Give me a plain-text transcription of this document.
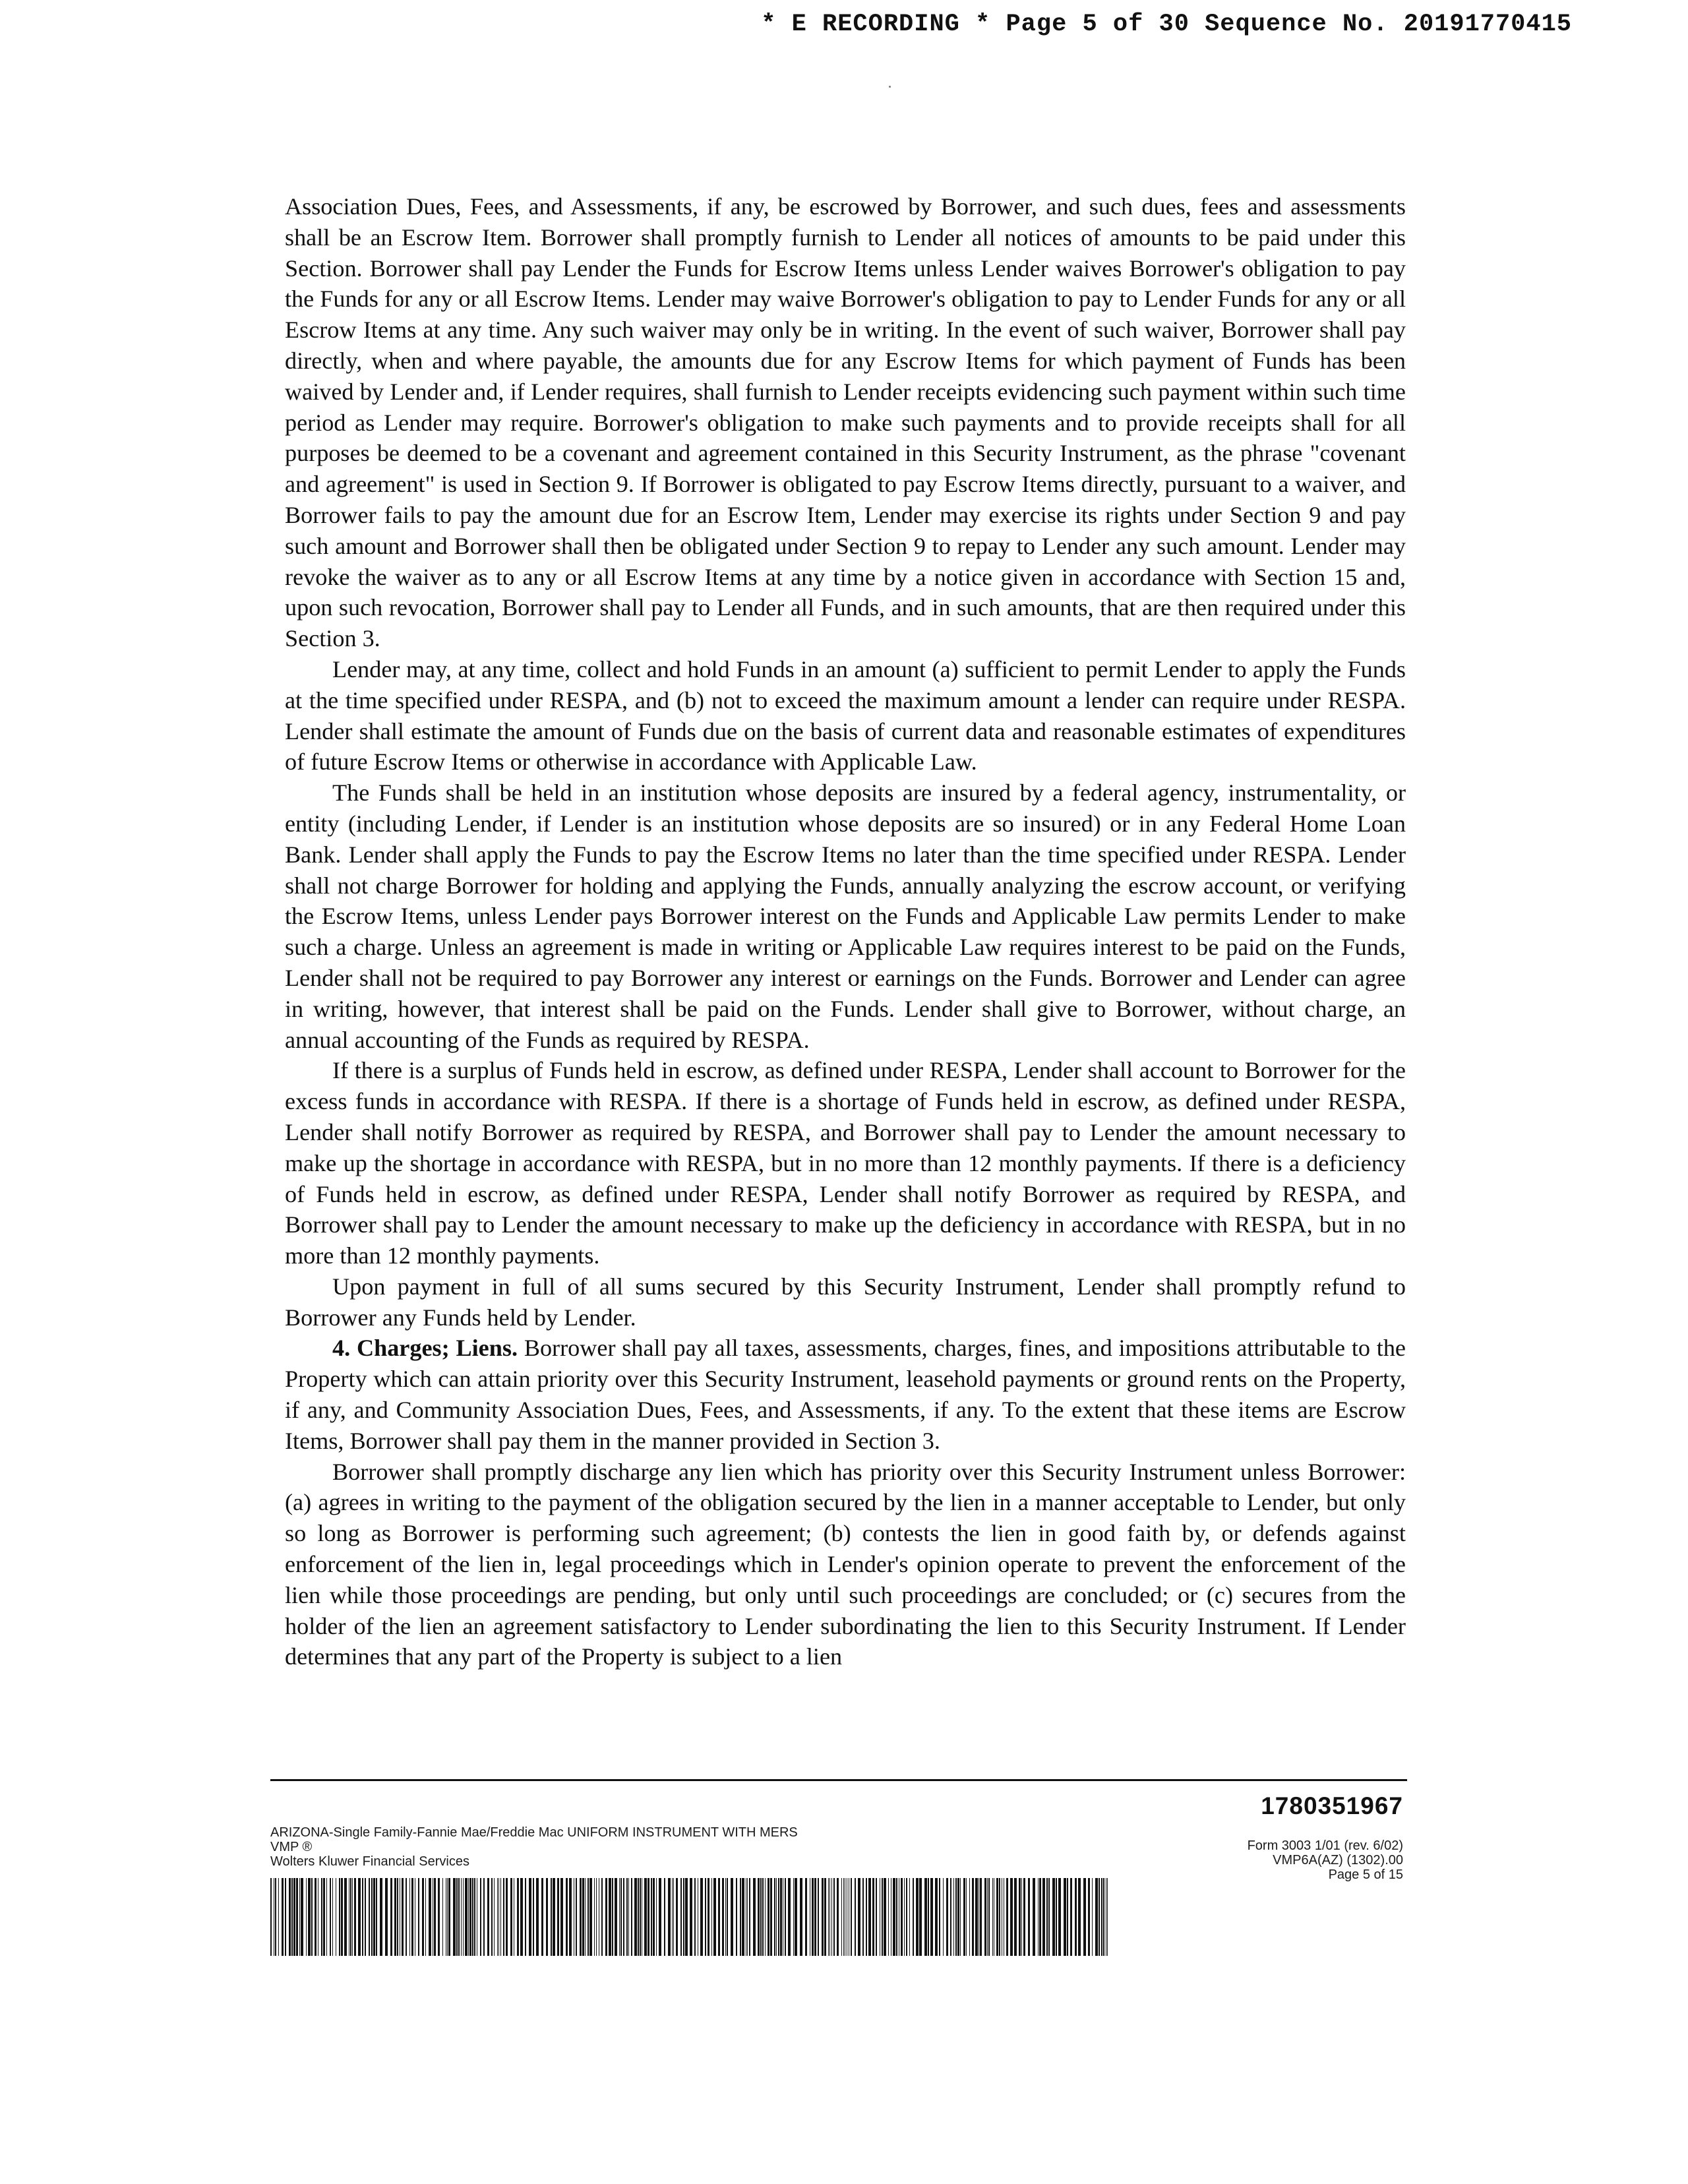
* E RECORDING * Page 5 of 30 Sequence No. 20191770415

Association Dues, Fees, and Assessments, if any, be escrowed by Borrower, and such dues, fees and assessments shall be an Escrow Item. Borrower shall promptly furnish to Lender all notices of amounts to be paid under this Section. Borrower shall pay Lender the Funds for Escrow Items unless Lender waives Borrower's obligation to pay the Funds for any or all Escrow Items. Lender may waive Borrower's obligation to pay to Lender Funds for any or all Escrow Items at any time. Any such waiver may only be in writing. In the event of such waiver, Borrower shall pay directly, when and where payable, the amounts due for any Escrow Items for which payment of Funds has been waived by Lender and, if Lender requires, shall furnish to Lender receipts evidencing such payment within such time period as Lender may require. Borrower's obligation to make such payments and to provide receipts shall for all purposes be deemed to be a covenant and agreement contained in this Security Instrument, as the phrase "covenant and agreement" is used in Section 9. If Borrower is obligated to pay Escrow Items directly, pursuant to a waiver, and Borrower fails to pay the amount due for an Escrow Item, Lender may exercise its rights under Section 9 and pay such amount and Borrower shall then be obligated under Section 9 to repay to Lender any such amount. Lender may revoke the waiver as to any or all Escrow Items at any time by a notice given in accordance with Section 15 and, upon such revocation, Borrower shall pay to Lender all Funds, and in such amounts, that are then required under this Section 3.

Lender may, at any time, collect and hold Funds in an amount (a) sufficient to permit Lender to apply the Funds at the time specified under RESPA, and (b) not to exceed the maximum amount a lender can require under RESPA. Lender shall estimate the amount of Funds due on the basis of current data and reasonable estimates of expenditures of future Escrow Items or otherwise in accordance with Applicable Law.

The Funds shall be held in an institution whose deposits are insured by a federal agency, instrumentality, or entity (including Lender, if Lender is an institution whose deposits are so insured) or in any Federal Home Loan Bank. Lender shall apply the Funds to pay the Escrow Items no later than the time specified under RESPA. Lender shall not charge Borrower for holding and applying the Funds, annually analyzing the escrow account, or verifying the Escrow Items, unless Lender pays Borrower interest on the Funds and Applicable Law permits Lender to make such a charge. Unless an agreement is made in writing or Applicable Law requires interest to be paid on the Funds, Lender shall not be required to pay Borrower any interest or earnings on the Funds. Borrower and Lender can agree in writing, however, that interest shall be paid on the Funds. Lender shall give to Borrower, without charge, an annual accounting of the Funds as required by RESPA.

If there is a surplus of Funds held in escrow, as defined under RESPA, Lender shall account to Borrower for the excess funds in accordance with RESPA. If there is a shortage of Funds held in escrow, as defined under RESPA, Lender shall notify Borrower as required by RESPA, and Borrower shall pay to Lender the amount necessary to make up the shortage in accordance with RESPA, but in no more than 12 monthly payments. If there is a deficiency of Funds held in escrow, as defined under RESPA, Lender shall notify Borrower as required by RESPA, and Borrower shall pay to Lender the amount necessary to make up the deficiency in accordance with RESPA, but in no more than 12 monthly payments.

Upon payment in full of all sums secured by this Security Instrument, Lender shall promptly refund to Borrower any Funds held by Lender.

4. Charges; Liens. Borrower shall pay all taxes, assessments, charges, fines, and impositions attributable to the Property which can attain priority over this Security Instrument, leasehold payments or ground rents on the Property, if any, and Community Association Dues, Fees, and Assessments, if any. To the extent that these items are Escrow Items, Borrower shall pay them in the manner provided in Section 3.

Borrower shall promptly discharge any lien which has priority over this Security Instrument unless Borrower: (a) agrees in writing to the payment of the obligation secured by the lien in a manner acceptable to Lender, but only so long as Borrower is performing such agreement; (b) contests the lien in good faith by, or defends against enforcement of the lien in, legal proceedings which in Lender's opinion operate to prevent the enforcement of the lien while those proceedings are pending, but only until such proceedings are concluded; or (c) secures from the holder of the lien an agreement satisfactory to Lender subordinating the lien to this Security Instrument. If Lender determines that any part of the Property is subject to a lien

1780351967
ARIZONA-Single Family-Fannie Mae/Freddie Mac UNIFORM INSTRUMENT WITH MERS
VMP ®
Wolters Kluwer Financial Services
Form 3003 1/01 (rev. 6/02)
VMP6A(AZ) (1302).00
Page 5 of 15
